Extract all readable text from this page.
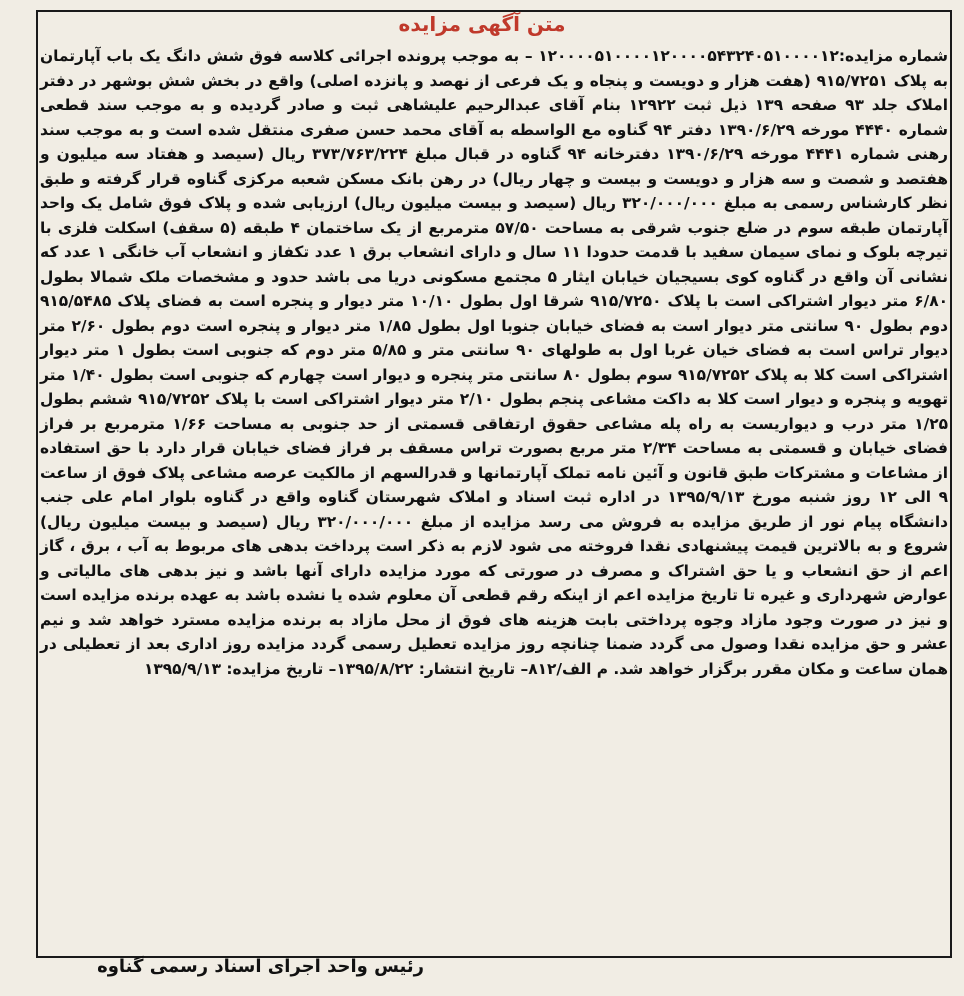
متن آگهی مزایده
شماره مزایده:۱۲۰۰۰۰۵۱۰۰۰۰۱۲۰۰۰۰۵۴۳۲۴۰۵۱۰۰۰۰۱۲ – به موجب پرونده اجرائی کلاسه فوق شش دانگ یک باب آپارتمان به پلاک ۹۱۵/۷۲۵۱ (هفت هزار و دویست و پنجاه و یک فرعی از نهصد و پانزده اصلی) واقع در بخش شش بوشهر در دفتر املاک جلد ۹۳ صفحه ۱۳۹ ذیل ثبت ۱۲۹۲۲ بنام آقای عبدالرحیم علیشاهی ثبت و صادر گردیده و به موجب سند قطعی شماره ۴۴۴۰ مورخه ۱۳۹۰/۶/۲۹ دفتر ۹۴ گناوه مع الواسطه به آقای محمد حسن صفری منتقل شده است و به موجب سند رهنی شماره ۴۴۴۱ مورخه ۱۳۹۰/۶/۲۹ دفترخانه ۹۴ گناوه در قبال مبلغ ۳۷۳/۷۶۳/۲۲۴ ریال (سیصد و هفتاد سه میلیون و هفتصد و شصت و سه هزار و دویست و بیست و چهار ریال) در رهن بانک مسکن شعبه مرکزی گناوه قرار گرفته و طبق نظر کارشناس رسمی به مبلغ ۳۲۰/۰۰۰/۰۰۰ ریال (سیصد و بیست میلیون ریال) ارزیابی شده و پلاک فوق شامل یک واحد آپارتمان طبقه سوم در ضلع جنوب شرقی به مساحت ۵۷/۵۰ مترمربع از یک ساختمان ۴ طبقه (۵ سقف) اسکلت فلزی با تیرچه بلوک و نمای سیمان سفید با قدمت حدودا ۱۱ سال و دارای انشعاب برق ۱ عدد تکفاز و انشعاب آب خانگی ۱ عدد که نشانی آن واقع در گناوه کوی بسیجیان خیابان ایثار ۵ مجتمع مسکونی دریا می باشد حدود و مشخصات ملک شمالا بطول ۶/۸۰ متر دیوار اشتراکی است با پلاک ۹۱۵/۷۲۵۰ شرقا اول بطول ۱۰/۱۰ متر دیوار و پنجره است به فضای پلاک ۹۱۵/۵۴۸۵ دوم بطول ۹۰ سانتی متر دیوار است به فضای خیابان جنوبا اول بطول ۱/۸۵ متر دیوار و پنجره است دوم بطول ۲/۶۰ متر دیوار تراس است به فضای خیان غربا اول به طولهای ۹۰ سانتی متر و ۵/۸۵ متر دوم که جنوبی است بطول ۱ متر دیوار اشتراکی است کلا به پلاک ۹۱۵/۷۲۵۲ سوم بطول ۸۰ سانتی متر پنجره و دیوار است چهارم که جنوبی است بطول ۱/۴۰ متر تهویه و پنجره و دیوار است کلا به داکت مشاعی پنجم بطول ۲/۱۰ متر دیوار اشتراکی است با پلاک ۹۱۵/۷۲۵۲ ششم بطول ۱/۲۵ متر درب و دیواریست به راه پله مشاعی حقوق ارتفاقی قسمتی از حد جنوبی به مساحت ۱/۶۶ مترمربع بر فراز فضای خیابان و قسمتی به مساحت ۲/۳۴ متر مربع بصورت تراس مسقف بر فراز فضای خیابان قرار دارد با حق استفاده از مشاعات و مشترکات طبق قانون و آئین نامه تملک آپارتمانها و قدرالسهم از مالکیت عرصه مشاعی پلاک فوق از ساعت ۹ الی ۱۲ روز شنبه مورخ ۱۳۹۵/۹/۱۳ در اداره ثبت اسناد و املاک شهرستان گناوه واقع در گناوه بلوار امام علی جنب دانشگاه پیام نور از طریق مزایده به فروش می رسد مزایده از مبلغ ۳۲۰/۰۰۰/۰۰۰ ریال (سیصد و بیست میلیون ریال) شروع و به بالاترین قیمت پیشنهادی نقدا فروخته می شود لازم به ذکر است پرداخت بدهی های مربوط به آب ، برق ، گاز اعم از حق انشعاب و یا حق اشتراک و مصرف در صورتی که مورد مزایده دارای آنها باشد و نیز بدهی های مالیاتی و عوارض شهرداری و غیره تا تاریخ مزایده اعم از اینکه رقم قطعی آن معلوم شده یا نشده باشد به عهده برنده مزایده است و نیز در صورت وجود مازاد وجوه پرداختی بابت هزینه های فوق از محل مازاد به برنده مزایده مسترد خواهد شد و نیم عشر و حق مزایده نقدا وصول می گردد ضمنا چنانچه روز مزایده تعطیل رسمی گردد مزایده روز اداری بعد از تعطیلی در همان ساعت و مکان مقرر برگزار خواهد شد. م الف/۸۱۲– تاریخ انتشار: ۱۳۹۵/۸/۲۲– تاریخ مزایده: ۱۳۹۵/۹/۱۳
رئیس واحد اجرای اسناد رسمی گناوه
